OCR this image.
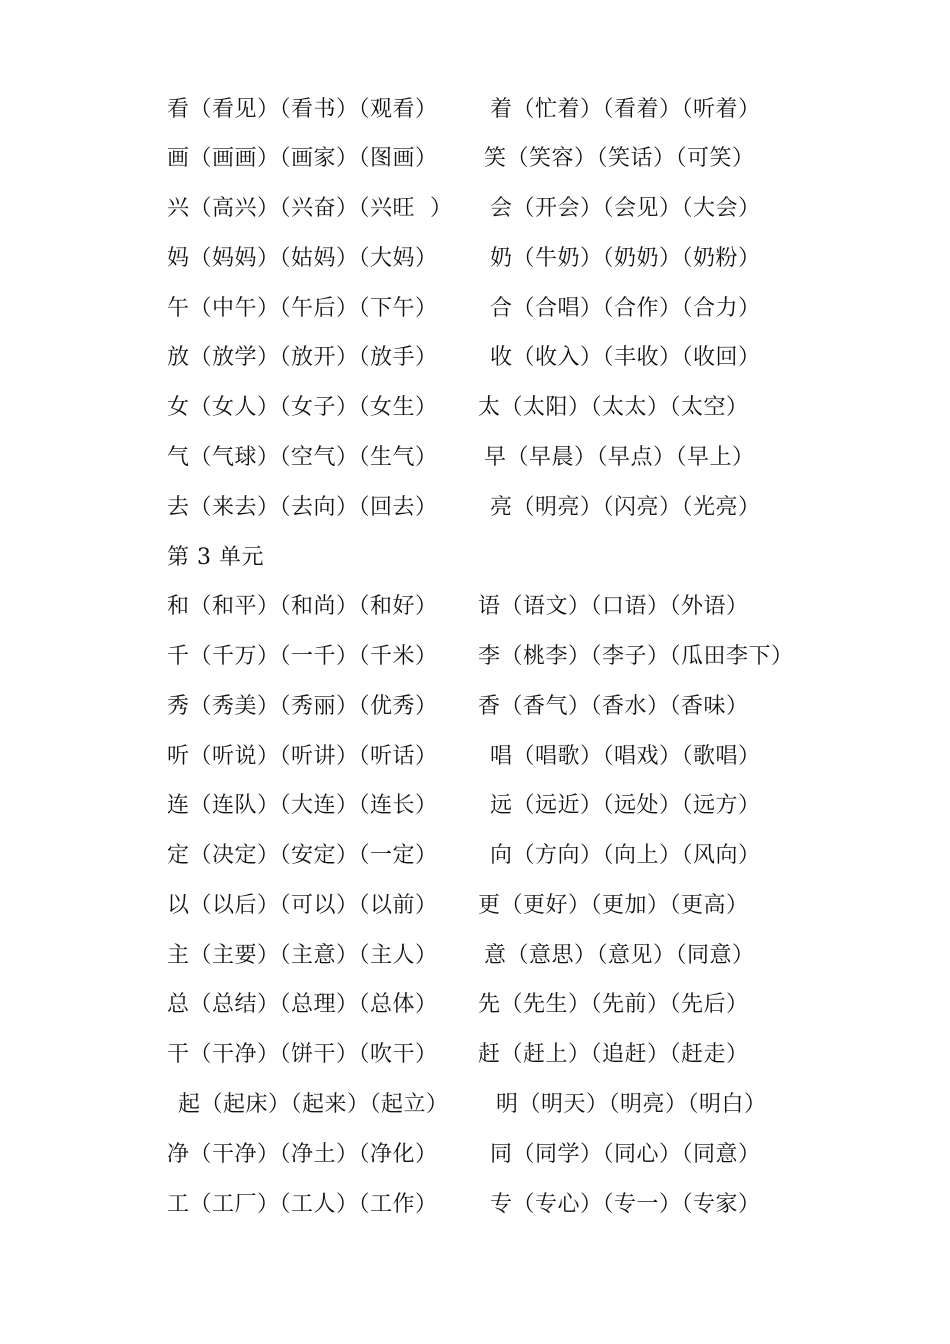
看（看见）（看书）（观看） 着（忙着）（看着）（听着）
画（画画）（画家）（图画） 笑（笑容）（笑话）（可笑）
兴（高兴）（兴奋）（兴旺  ） 会（开会）（会见）（大会）
妈（妈妈）（姑妈）（大妈） 奶（牛奶）（奶奶）（奶粉）
午（中午）（午后）（下午） 合（合唱）（合作）（合力）
放（放学）（放开）（放手） 收（收入）（丰收）（收回）
女（女人）（女子）（女生） 太（太阳）（太太）（太空）
气（气球）（空气）（生气） 早（早晨）（早点）（早上）
去（来去）（去向）（回去） 亮（明亮）（闪亮）（光亮）
第 3 单元
和（和平）（和尚）（和好） 语（语文）（口语）（外语）
千（千万）（一千）（千米） 李（桃李）（李子）（瓜田李下）
秀（秀美）（秀丽）（优秀） 香（香气）（香水）（香味）
听（听说）（听讲）（听话） 唱（唱歌）（唱戏）（歌唱）
连（连队）（大连）（连长） 远（远近）（远处）（远方）
定（决定）（安定）（一定） 向（方向）（向上）（风向）
以（以后）（可以）（以前） 更（更好）（更加）（更高）
主（主要）（主意）（主人） 意（意思）（意见）（同意）
总（总结）（总理）（总体） 先（先生）（先前）（先后）
干（干净）（饼干）（吹干） 赶（赶上）（追赶）（赶走）
起（起床）（起来）（起立） 明（明天）（明亮）（明白）
净（干净）（净土）（净化） 同（同学）（同心）（同意）
工（工厂）（工人）（工作） 专（专心）（专一）（专家）
